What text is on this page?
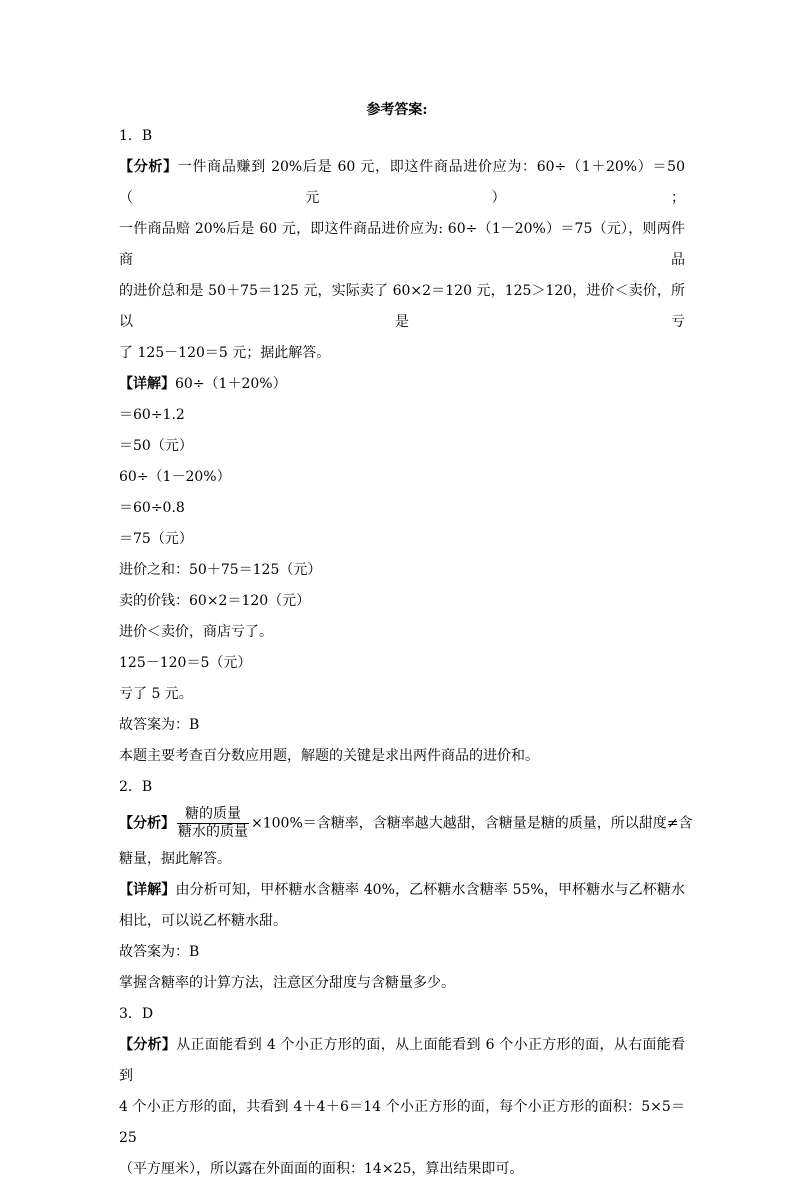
参考答案:
1．B
【分析】一件商品赚到 20%后是 60 元，即这件商品进价应为：60÷（1＋20%）＝50（元）；
一件商品赔 20%后是 60 元，即这件商品进价应为: 60÷（1－20%）＝75（元），则两件商品
的进价总和是 50＋75＝125 元，实际卖了 60×2＝120 元，125＞120，进价＜卖价，所以是亏
了 125－120＝5 元；据此解答。
【详解】60÷（1＋20%）
＝60÷1.2
＝50（元）
60÷（1－20%）
＝60÷0.8
＝75（元）
进价之和：50＋75＝125（元）
卖的价钱：60×2＝120（元）
进价＜卖价，商店亏了。
125－120＝5（元）
亏了 5 元。
故答案为：B
本题主要考查百分数应用题，解题的关键是求出两件商品的进价和。
2．B
【分析】 $\frac{\text{糖的质量}}{\text{糖水的质量}} \times 100\%=$含糖率，含糖率越大越甜，含糖量是糖的质量，所以甜度≠含
糖量，据此解答。
【详解】由分析可知，甲杯糖水含糖率 40%，乙杯糖水含糖率 55%，甲杯糖水与乙杯糖水
相比，可以说乙杯糖水甜。
故答案为：B
掌握含糖率的计算方法，注意区分甜度与含糖量多少。
3．D
【分析】从正面能看到 4 个小正方形的面，从上面能看到 6 个小正方形的面，从右面能看到
4 个小正方形的面，共看到 4＋4＋6＝14 个小正方形的面，每个小正方形的面积：5×5＝25
（平方厘米），所以露在外面面的面积：14×25，算出结果即可。
